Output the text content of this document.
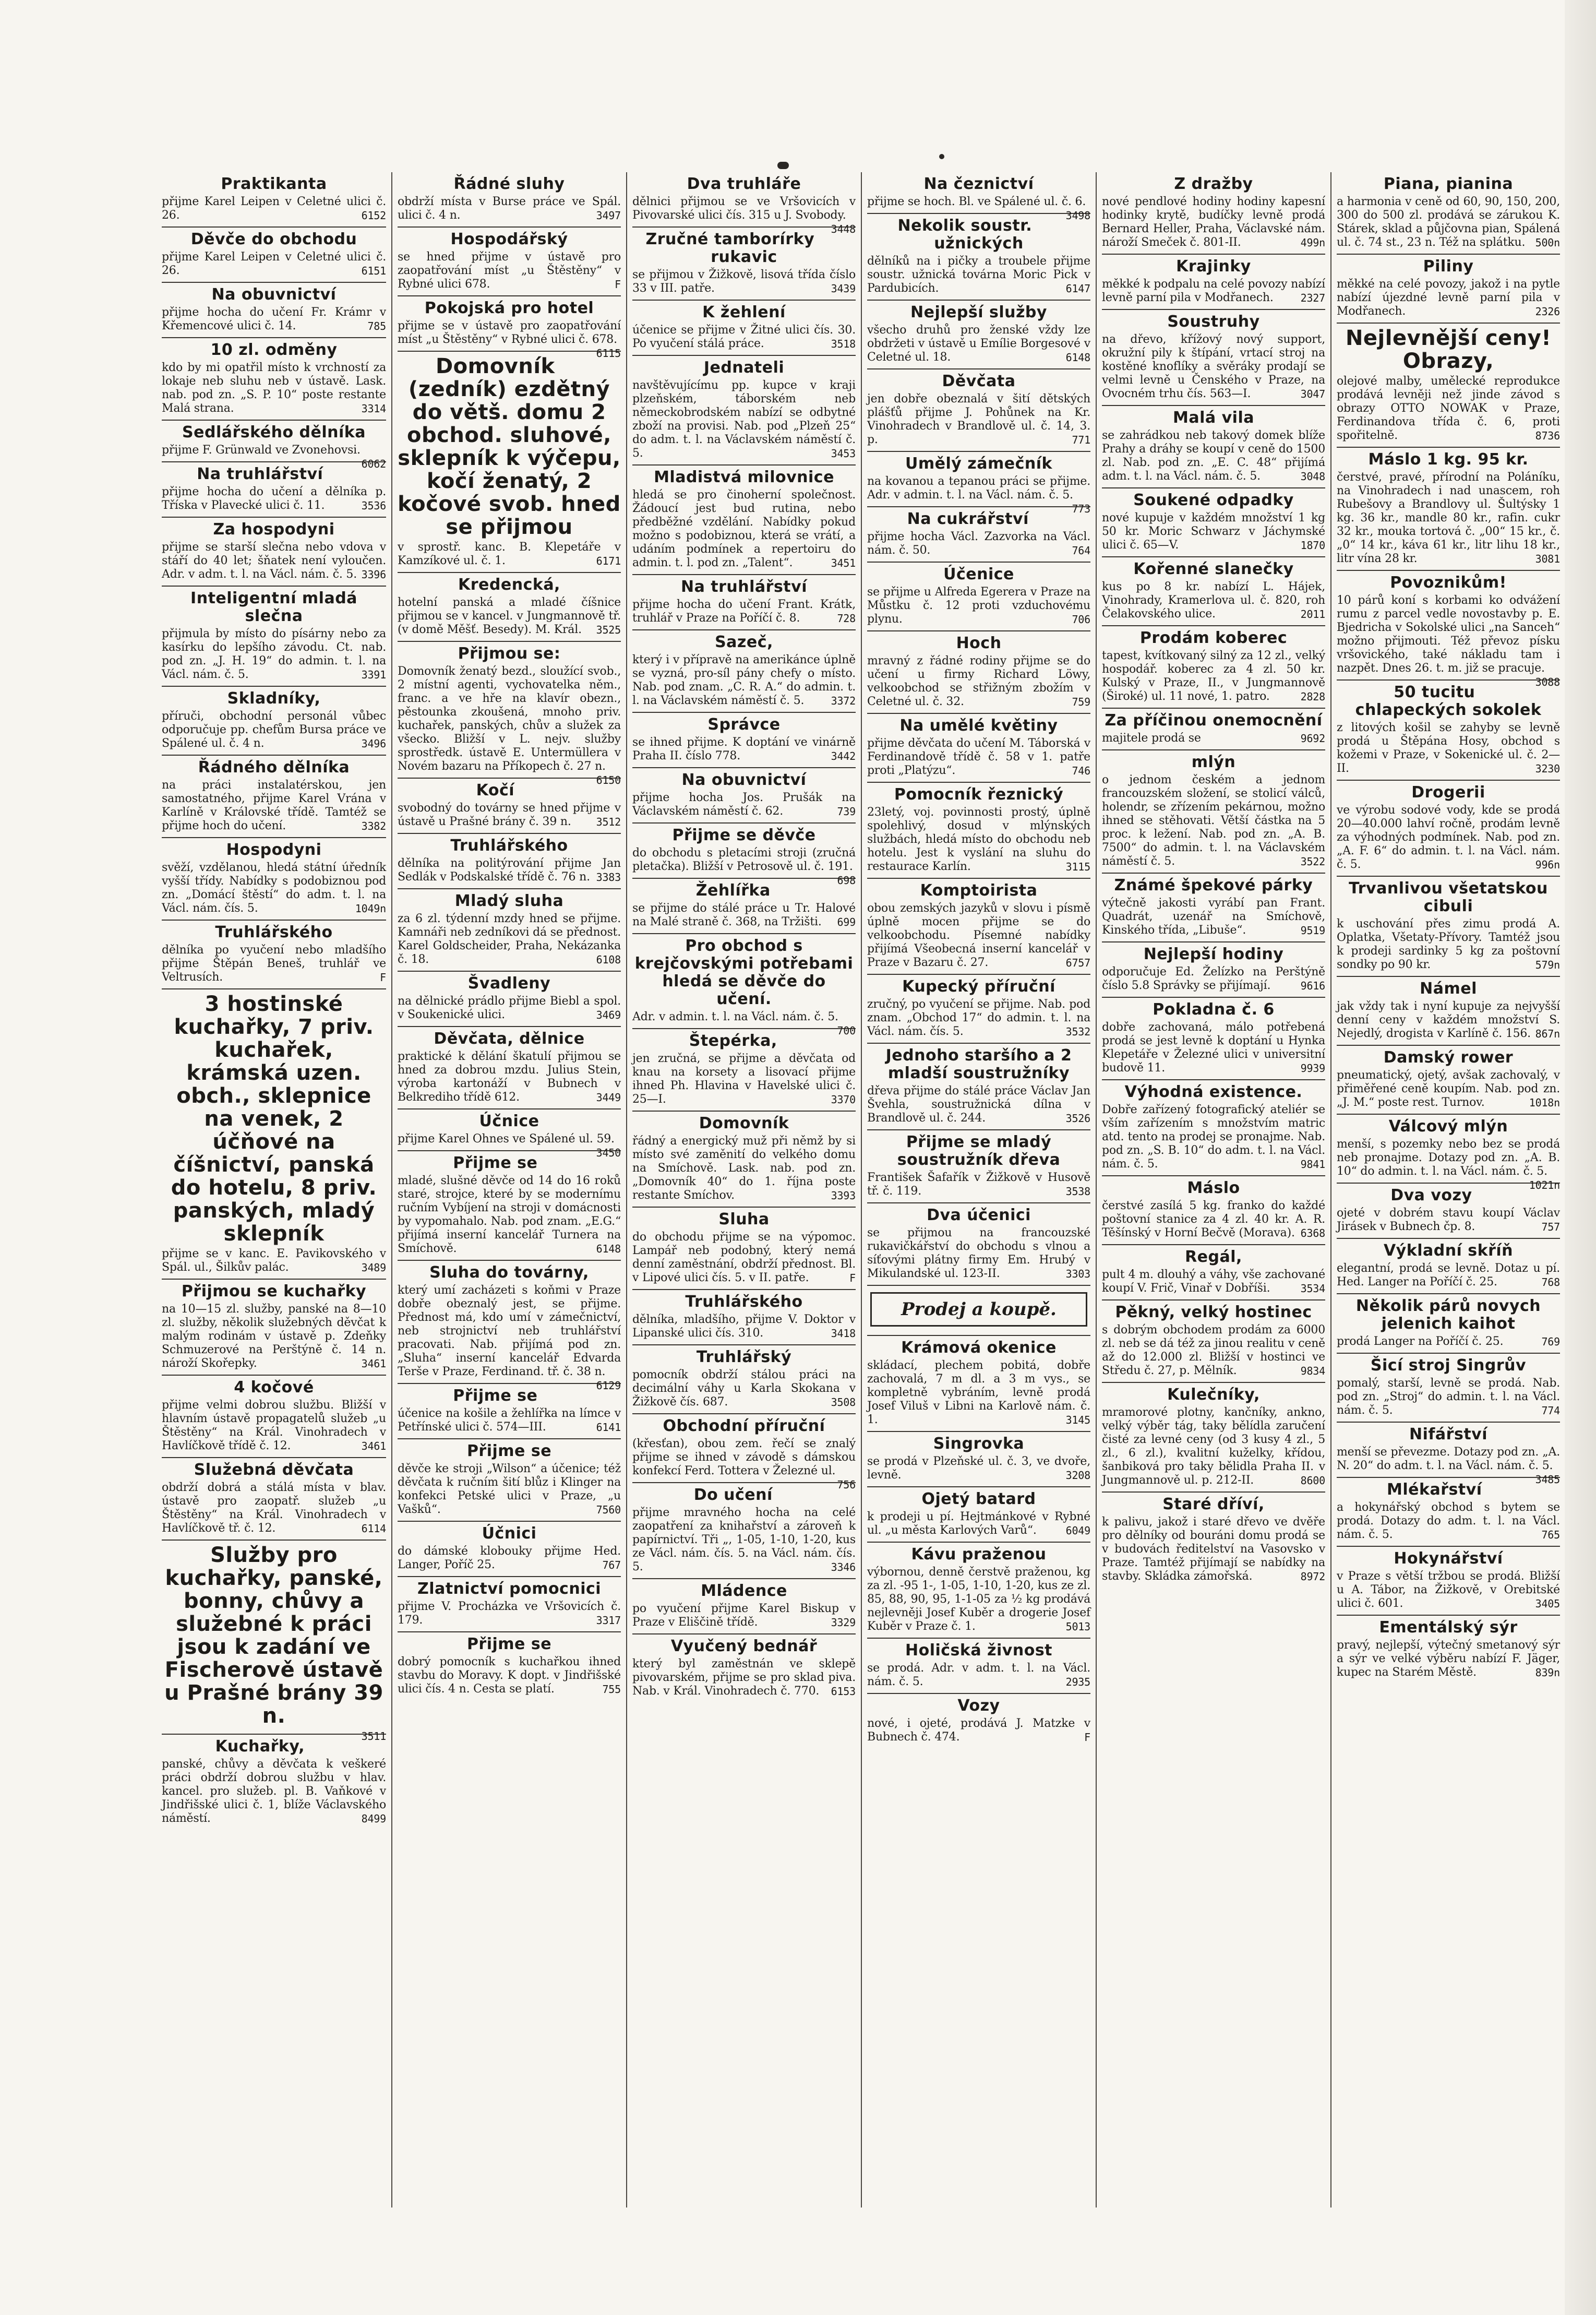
Praktikanta
přijme Karel Leipen v Celetné ulici č. 26.	6152
Děvče do obchodu
přijme Karel Leipen v Celetné ulici č. 26.	6151
Na obuvnictví
přijme hocha do učení Fr. Krámr v Křemencové ulici č. 14.	785
10 zl. odměny
kdo by mi opatřil místo k vrchností za lokaje neb sluhu neb v ústavě. Lask. nab. pod zn. „S. P. 10“ poste restante Malá strana.	3314
Sedlářského dělníka
přijme F. Grünwald ve Zvonehovsi.
6062
Na truhlářství
přijme hocha do učení a dělníka p. Tříska v Plavecké ulici č. 11.	3536
Za hospodyni
přijme se starší slečna nebo vdova v stáří do 40 let; šňatek není vyloučen. Adr. v adm. t. l. na Václ. nám. č. 5. 3396
Inteligentní mladá slečna
přijmula by místo do písárny nebo za kasírku do lepšího závodu. Ct. nab. pod zn. „J. H. 19“ do admin. t. l. na Václ. nám. č. 5.	3391
Skladníky,
příruči, obchodní personál vůbec odporučuje pp. chefům Bursa práce ve Spálené ul. č. 4 n.	3496
Řádného dělníka
na práci instalatérskou, jen samostatného, přijme Karel Vrána v Karlíně v Královské třídě. Tamtéž se přijme hoch do učení.	3382
Hospodyni
svěží, vzdělanou, hledá státní úředník vyšší třídy. Nabídky s podobiznou pod zn. „Domácí štěstí“ do adm. t. l. na Václ. nám. čís. 5.	1049n
Truhlářského
dělníka po vyučení nebo mladšího přijme Štěpán Beneš, truhlář ve Veltrusích.	F
3 hostinské kuchařky, 7 priv. kuchařek, krámská uzen. obch., sklepnice na venek, 2 účňové na číšnictví, panská do hotelu, 8 priv. panských, mladý sklepník
přijme se v kanc. E. Pavikovského v Spál. ul., Šilkův palác.	3489
Přijmou se kuchařky
na 10—15 zl. služby, panské na 8—10 zl. služby, několik služebných děvčat k malým rodinám v ústavě p. Zdeňky Schmuzerové na Perštýně č. 14 n. nároží Skořepky.	3461
4 kočové
přijme velmi dobrou službu. Bližší v hlavním ústavě propagatelů služeb „u Štěstěny“ na Král. Vinohradech v Havlíčkově třídě č. 12.	3461
Služebná děvčata
obdrží dobrá a stálá místa v blav. ústavě pro zaopatř. služeb „u Štěstěny“ na Král. Vinohradech v Havlíčkově tř. č. 12.	6114
Služby pro kuchařky, panské, bonny, chůvy a služebné k práci jsou k zadání ve Fischerově ústavě u Prašné brány 39 n.
3511
Kuchařky,
panské, chůvy a děvčata k veškeré práci obdrží dobrou službu v hlav. kancel. pro služeb. pl. B. Vaňkové v Jindřišské ulici č. 1, blíže Václavského náměstí.	8499
Řádné sluhy
obdrží místa v Burse práce ve Spál. ulici č. 4 n.	3497
Hospodářský
se hned přijme v ústavě pro zaopatřování míst „u Štěstěny“ v Rybné ulici 678.	F
Pokojská pro hotel
přijme se v ústavě pro zaopatřování míst „u Štěstěny“ v Rybné ulici č. 678.
6115
Domovník (zedník) ezdětný do větš. domu 2 obchod. sluhové, sklepník k výčepu, kočí ženatý, 2 kočové svob. hned se přijmou
v sprostř. kanc. B. Klepetáře v Kamzíkové ul. č. 1.	6171
Kredencká,
hotelní panská a mladé číšnice přijmou se v kancel. v Jungmannově tř. (v domě Měšť. Besedy). M. Král.	3525
Přijmou se:
Domovník ženatý bezd., sloužící svob., 2 místní agenti, vychovatelka něm., franc. a ve hře na klavír obezn., pěstounka zkoušená, mnoho priv. kuchařek, panských, chův a služek za všecko. Bližší v L. nejv. služby sprostředk. ústavě E. Untermüllera v Novém bazaru na Příkopech č. 27 n.
6150
Kočí
svobodný do továrny se hned přijme v ústavě u Prašné brány č. 39 n.	3512
Truhlářského
dělníka na politýrování přijme Jan Sedlák v Podskalské třídě č. 76 n. 3383
Mladý sluha
za 6 zl. týdenní mzdy hned se přijme. Kamnáři neb zedníkovi dá se přednost. Karel Goldscheider, Praha, Nekázanka č. 18.	6108
Švadleny
na dělnické prádlo přijme Biebl a spol. v Soukenické ulici.	3469
Děvčata, dělnice
praktické k dělání škatulí přijmou se hned za dobrou mzdu. Julius Stein, výroba kartonáží v Bubnech v Belkrediho třídě 612.	3449
Účnice
přijme Karel Ohnes ve Spálené ul. 59.
3450
Přijme se
mladé, slušné děvče od 14 do 16 roků staré, strojce, které by se modernímu ručním Vybíjení na stroji v domácnosti by vypomahalo. Nab. pod znam. „E.G.“ přijímá inserní kancelář Turnera na Smíchově.	6148
Sluha do továrny,
který umí zacházeti s koňmi v Praze dobře obeznalý jest, se přijme. Přednost má, kdo umí v zámečnictví, neb strojnictví neb truhlářství pracovati. Nab. přijímá pod zn. „Sluha“ inserní kancelář Edvarda Terše v Praze, Ferdinand. tř. č. 38 n.
6129
Přijme se
účenice na košile a žehlířka na límce v Petřínské ulici č. 574—III.	6141
Přijme se
děvče ke stroji „Wilson“ a účenice; též děvčata k ručním šití blůz i Klinger na konfekci Petské ulici v Praze, „u Vašků“.	7560
Účnici
do dámské klobouky přijme Hed. Langer, Poříč 25.	767
Zlatnictví pomocnici
přijme V. Procházka ve Vršovicích č. 179.	3317
Přijme se
dobrý pomocník s kuchařkou ihned stavbu do Moravy. K dopt. v Jindřišské ulici čís. 4 n. Cesta se platí.	755
Dva truhláře
dělnici přijmou se ve Vršovicích v Pivovarské ulici čís. 315 u J. Svobody.
3448
Zručné tamborírky rukavic
se přijmou v Žižkově, lisová třída číslo 33 v III. patře.	3439
K žehlení
účenice se přijme v Žitné ulici čís. 30. Po vyučení stálá práce.	3518
Jednateli
navštěvujícímu pp. kupce v kraji plzeňském, táborském neb německobrodském nabízí se odbytné zboží na provisi. Nab. pod „Plzeň 25“ do adm. t. l. na Václavském náměstí č. 5.	3453
Mladistvá milovnice
hledá se pro činoherní společnost. Žádoucí jest bud rutina, nebo předběžné vzdělání. Nabídky pokud možno s podobiznou, která se vrátí, a udáním podmínek a repertoiru do admin. t. l. pod zn. „Talent“.	3451
Na truhlářství
přijme hocha do učení Frant. Krátk, truhlář v Praze na Poříčí č. 8.	728
Sazeč,
který i v přípravě na amerikánce úplně se vyzná, pro-síl pány chefy o místo. Nab. pod znam. „C. R. A.“ do admin. t. l. na Václavském náměstí č. 5.	3372
Správce
se ihned přijme. K doptání ve vinárně Praha II. číslo 778.	3442
Na obuvnictví
přijme hocha Jos. Prušák na Václavském náměstí č. 62.	739
Přijme se děvče
do obchodu s pletacími stroji (zručná pletačka). Bližší v Petrosově ul. č. 191.
698
Žehlířka
se přijme do stálé práce u Tr. Halové na Malé straně č. 368, na Tržišti.	699
Pro obchod s krejčovskými potřebami hledá se děvče do učení.
Adr. v admin. t. l. na Václ. nám. č. 5.
700
Štepérka,
jen zručná, se přijme a děvčata od knau na korsety a lisovací přijme ihned Ph. Hlavina v Havelské ulici č. 25—I.	3370
Domovník
řádný a energický muž při němž by si místo své zaměnití do velkého domu na Smíchově. Lask. nab. pod zn. „Domovník 40“ do 1. října poste restante Smíchov.	3393
Sluha
do obchodu přijme se na výpomoc. Lampář neb podobný, který nemá denní zaměstnání, obdrží přednost. Bl. v Lipové ulici čís. 5. v II. patře.	F
Truhlářského
dělníka, mladšího, přijme V. Doktor v Lipanské ulici čís. 310.	3418
Truhlářský
pomocník obdrží stálou práci na decimální váhy u Karla Skokana v Žižkově čís. 687.	3508
Obchodní příruční
(křesťan), obou zem. řečí se znalý přijme se ihned v závodě s dámskou konfekcí Ferd. Tottera v Železné ul.
756
Do učení
přijme mravného hocha na celé zaopatření za knihařství a zároveň k papírnictví. Tři „, 1-05, 1-10, 1-20, kus ze Václ. nám. čís. 5. na Václ. nám. čís. 5.	3346
Mládence
po vyučení přijme Karel Biskup v Praze v Eliščině třídě.	3329
Vyučený bednář
který byl zaměstnán ve sklepě pivovarském, přijme se pro sklad piva. Nab. v Král. Vinohradech č. 770.	6153
Na čeznictví
přijme se hoch. Bl. ve Spálené ul. č. 6.
3498
Nekolik soustr. užnických
dělníků na i pičky a troubele přijme soustr. užnická továrna Moric Pick v Pardubicích.	6147
Nejlepší služby
všecho druhů pro ženské vždy lze obdržeti v ústavě u Emílie Borgesové v Celetné ul. 18.	6148
Děvčata
jen dobře obeznalá v šití dětských plášťů přijme J. Pohůnek na Kr. Vinohradech v Brandlově ul. č. 14, 3. p.	771
Umělý zámečník
na kovanou a tepanou práci se přijme. Adr. v admin. t. l. na Václ. nám. č. 5.
773
Na cukrářství
přijme hocha Václ. Zazvorka na Václ. nám. č. 50.	764
Účenice
se přijme u Alfreda Egerera v Praze na Můstku č. 12 proti vzduchovému plynu.	706
Hoch
mravný z řádné rodiny přijme se do učení u firmy Richard Löwy, velkoobchod se střižným zbožím v Celetné ul. č. 32.	759
Na umělé květiny
přijme děvčata do učení M. Táborská v Ferdinandově třídě č. 58 v 1. patře proti „Platýzu“.	746
Pomocník řeznický
23letý, voj. povinnosti prostý, úplně spolehlivý, dosud v mlýnských službách, hledá místo do obchodu neb hotelu. Jest k vyslání na sluhu do restaurace Karlín.	3115
Komptoirista
obou zemských jazyků v slovu i písmě úplně mocen přijme se do velkoobchodu. Písemné nabídky přijímá Všeobecná inserní kancelář v Praze v Bazaru č. 27.	6757
Kupecký příruční
zručný, po vyučení se přijme. Nab. pod znam. „Obchod 17“ do admin. t. l. na Václ. nám. čís. 5.	3532
Jednoho staršího a 2 mladší soustružníky
dřeva přijme do stálé práce Václav Jan Švehla, soustružnická dílna v Brandlově ul. č. 244.	3526
Přijme se mladý soustružník dřeva
František Šafařík v Žižkově v Husově tř. č. 119.	3538
Dva účenici
se přijmou na francouzské rukavičkářství do obchodu s vlnou a síťovými plátny firmy Em. Hrubý v Mikulandské ul. 123-II.	3303
Prodej a koupě.
Krámová okenice
skládací, plechem pobitá, dobře zachovalá, 7 m dl. a 3 m vys., se kompletně vybráním, levně prodá Josef Viluš v Libni na Karlově nám. č. 1.	3145
Singrovka
se prodá v Plzeňské ul. č. 3, ve dvoře, levně.	3208
Ojetý batard
k prodeji u pí. Hejtmánkové v Rybné ul. „u města Karlových Varů“.	6049
Kávu praženou
výbornou, denně čerstvě praženou, kg za zl. -95 1-, 1-05, 1-10, 1-20, kus ze zl. 85, 88, 90, 95, 1-1-05 za ½ kg prodává nejlevněji Josef Kuběr a drogerie Josef Kuběr v Praze č. 1.	5013
Holičská živnost
se prodá. Adr. v adm. t. l. na Václ. nám. č. 5.	2935
Vozy
nové, i ojeté, prodává J. Matzke v Bubnech č. 474.	F
Z dražby
nové pendlové hodiny hodiny kapesní hodinky krytě, budíčky levně prodá Bernard Heller, Praha, Václavské nám. nároží Smeček č. 801-II.	499n
Krajinky
měkké k podpalu na celé povozy nabízí levně parní pila v Modřanech.	2327
Soustruhy
na dřevo, křížový nový support, okružní pily k štípání, vrtací stroj na kostěné knoflíky a svěráky prodají se velmi levně u Čenského v Praze, na Ovocném trhu čís. 563—I.	3047
Malá vila
se zahrádkou neb takový domek blíže Prahy a dráhy se koupí v ceně do 1500 zl. Nab. pod zn. „E. C. 48“ přijímá adm. t. l. na Václ. nám. č. 5.	3048
Soukené odpadky
nové kupuje v každém množství 1 kg 50 kr. Moric Schwarz v Jáchymské ulici č. 65—V.	1870
Kořenné slanečky
kus po 8 kr. nabízí L. Hájek, Vinohrady, Kramerlova ul. č. 820, roh Čelakovského ulice.	2011
Prodám koberec
tapest, kvítkovaný silný za 12 zl., velký hospodář. koberec za 4 zl. 50 kr. Kulský v Praze, II., v Jungmannově (Široké) ul. 11 nové, 1. patro.	2828
Za příčinou onemocnění
majitele prodá se	9692
mlýn
o jednom českém a jednom francouzském složení, se stolicí válců, holendr, se zřízením pekárnou, možno ihned se stěhovati. Větší částka na 5 proc. k ležení. Nab. pod zn. „A. B. 7500“ do admin. t. l. na Václavském náměstí č. 5.	3522
Známé špekové párky
výtečně jakosti vyrábí pan Frant. Quadrát, uzenář na Smíchově, Kinského třída, „Libuše“.	9519
Nejlepší hodiny
odporučuje Ed. Želízko na Perštýně číslo 5.8 Správky se přijímají.	9616
Pokladna č. 6
dobře zachovaná, málo potřebená prodá se jest levně k doptání u Hynka Klepetáře v Železné ulici v universitní budově 11.	9939
Výhodná existence.
Dobře zařízený fotografický ateliér se vším zařízením s množstvím matric atd. tento na prodej se pronajme. Nab. pod zn. „S. B. 10“ do adm. t. l. na Václ. nám. č. 5.	9841
Máslo
čerstvé zasílá 5 kg. franko do každé poštovní stanice za 4 zl. 40 kr. A. R. Těšínský v Horní Bečvě (Morava). 6368
Regál,
pult 4 m. dlouhý a váhy, vše zachované koupí V. Frič, Vinař v Dobříši.	3534
Pěkný, velký hostinec
s dobrým obchodem prodám za 6000 zl. neb se dá též za jinou realitu v ceně až do 12.000 zl. Bližší v hostinci ve Středu č. 27, p. Mělník.	9834
Kulečníky,
mramorové plotny, kančníky, ankno, velký výběr tág, taky bělídla zaručení čisté za levné ceny (od 3 kusy 4 zl., 5 zl., 6 zl.), kvalitní kuželky, křídou, šanbiková pro taky bělidla Praha II. v Jungmannově ul. p. 212-II.	8600
Staré dříví,
k palivu, jakož i staré dřevo ve dvěře pro dělníky od bouráni domu prodá se v budovách ředitelství na Vasovsko v Praze. Tamtéž přijímají se nabídky na stavby. Skládka zámořská.	8972
Piana, pianina
a harmonia v ceně od 60, 90, 150, 200, 300 do 500 zl. prodává se zárukou K. Stárek, sklad a půjčovna pian, Spálená ul. č. 74 st., 23 n. Též na splátku. 500n
Piliny
měkké na celé povozy, jakož i na pytle nabízí újezdné levně parní pila v Modřanech.	2326
Nejlevnější ceny! Obrazy,
olejové malby, umělecké reprodukce prodává levněji než jinde závod s obrazy OTTO NOWAK v Praze, Ferdinandova třída č. 6, proti spořitelně.	8736
Máslo 1 kg. 95 kr.
čerstvé, pravé, přírodní na Poláníku, na Vinohradech i nad unascem, roh Rubešovy a Brandlovy ul. Šultýsky 1 kg. 36 kr., mandle 80 kr., rafin. cukr 32 kr., mouka tortová č. „00“ 15 kr., č. „0“ 14 kr., káva 61 kr., litr lihu 18 kr., litr vína 28 kr.	3081
Povoznikům!
10 párů koní s korbami ko odvážení rumu z parcel vedle novostavby p. E. Bjedricha v Sokolské ulici „na Sanceh“ možno přijmouti. Též převoz písku vršovického, také nákladu tam i nazpět. Dnes 26. t. m. již se pracuje.
3088
50 tucitu chlapeckých sokolek
z litových košil se zahyby se levně prodá u Štěpána Hosy, obchod s kožemi v Praze, v Sokenické ul. č. 2—II.	3230
Drogerii
ve výrobu sodové vody, kde se prodá 20—40.000 lahví ročně, prodám levně za výhodných podmínek. Nab. pod zn. „A. F. 6“ do admin. t. l. na Václ. nám. č. 5.	996n
Trvanlivou všetatskou cibuli
k uschování přes zimu prodá A. Oplatka, Všetaty-Přívory. Tamtéž jsou k prodeji sardinky 5 kg za poštovní sondky po 90 kr.	579n
Námel
jak vždy tak i nyní kupuje za nejvyšší denní ceny v každém množství S. Nejedlý, drogista v Karlíně č. 156. 867n
Damský rower
pneumatický, ojetý, avšak zachovalý, v přiměřené ceně koupím. Nab. pod zn. „J. M.“ poste rest. Turnov.	1018n
Válcový mlýn
menší, s pozemky nebo bez se prodá neb pronajme. Dotazy pod zn. „A. B. 10“ do admin. t. l. na Václ. nám. č. 5.
1021n
Dva vozy
ojeté v dobrém stavu koupí Václav Jirásek v Bubnech čp. 8.	757
Výkladní skříň
elegantní, prodá se levně. Dotaz u pí. Hed. Langer na Poříčí č. 25.	768
Několik párů novych jelenich kaihot
prodá Langer na Poříčí č. 25.	769
Šicí stroj Singrův
pomalý, starší, levně se prodá. Nab. pod zn. „Stroj“ do admin. t. l. na Václ. nám. č. 5.	774
Nifářství
menší se převezme. Dotazy pod zn. „A. N. 20“ do adm. t. l. na Václ. nám. č. 5.
3485
Mlékařství
a hokynářský obchod s bytem se prodá. Dotazy do adm. t. l. na Václ. nám. č. 5.	765
Hokynářství
v Praze s větší tržbou se prodá. Bližší u A. Tábor, na Žižkově, v Orebitské ulici č. 601.	3405
Ementálský sýr
pravý, nejlepší, výtečný smetanový sýr a sýr ve velké výběru nabízí F. Jäger, kupec na Starém Městě.	839n
